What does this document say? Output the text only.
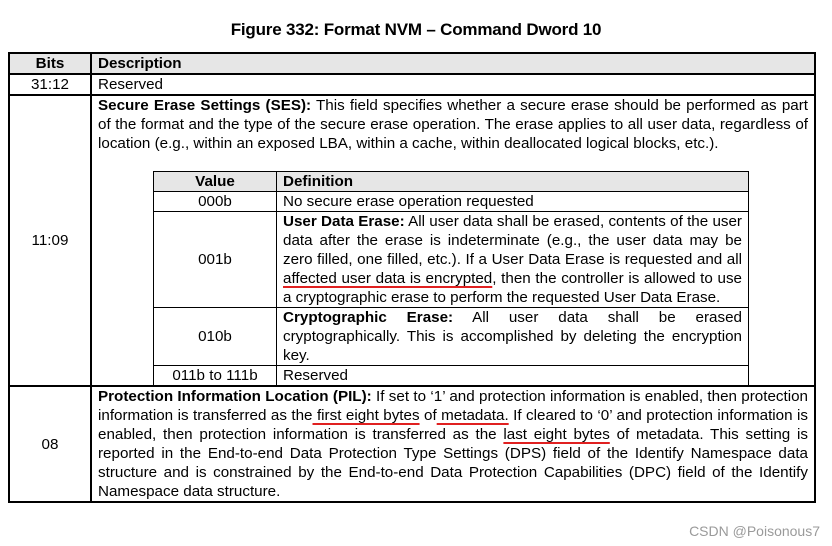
Figure 332: Format NVM – Command Dword 10
Bits	Description
31:12	Reserved
11:09	Secure Erase Settings (SES): This field specifies whether a secure erase should be performed as part of the format and the type of the secure erase operation. The erase applies to all user data, regardless of location (e.g., within an exposed LBA, within a cache, within deallocated logical blocks, etc.).
Value	Definition
000b	No secure erase operation requested
001b	User Data Erase: All user data shall be erased, contents of the user data after the erase is indeterminate (e.g., the user data may be zero filled, one filled, etc.). If a User Data Erase is requested and all affected user data is encrypted, then the controller is allowed to use a cryptographic erase to perform the requested User Data Erase.
010b	Cryptographic Erase: All user data shall be erased cryptographically. This is accomplished by deleting the encryption key.
011b to 111b	Reserved

08	Protection Information Location (PIL): If set to ‘1’ and protection information is enabled, then protection information is transferred as the first eight bytes of metadata. If cleared to ‘0’ and protection information is enabled, then protection information is transferred as the last eight bytes of metadata. This setting is reported in the End-to-end Data Protection Type Settings (DPS) field of the Identify Namespace data structure and is constrained by the End-to-end Data Protection Capabilities (DPC) field of the Identify Namespace data structure.
CSDN @Poisonous7
